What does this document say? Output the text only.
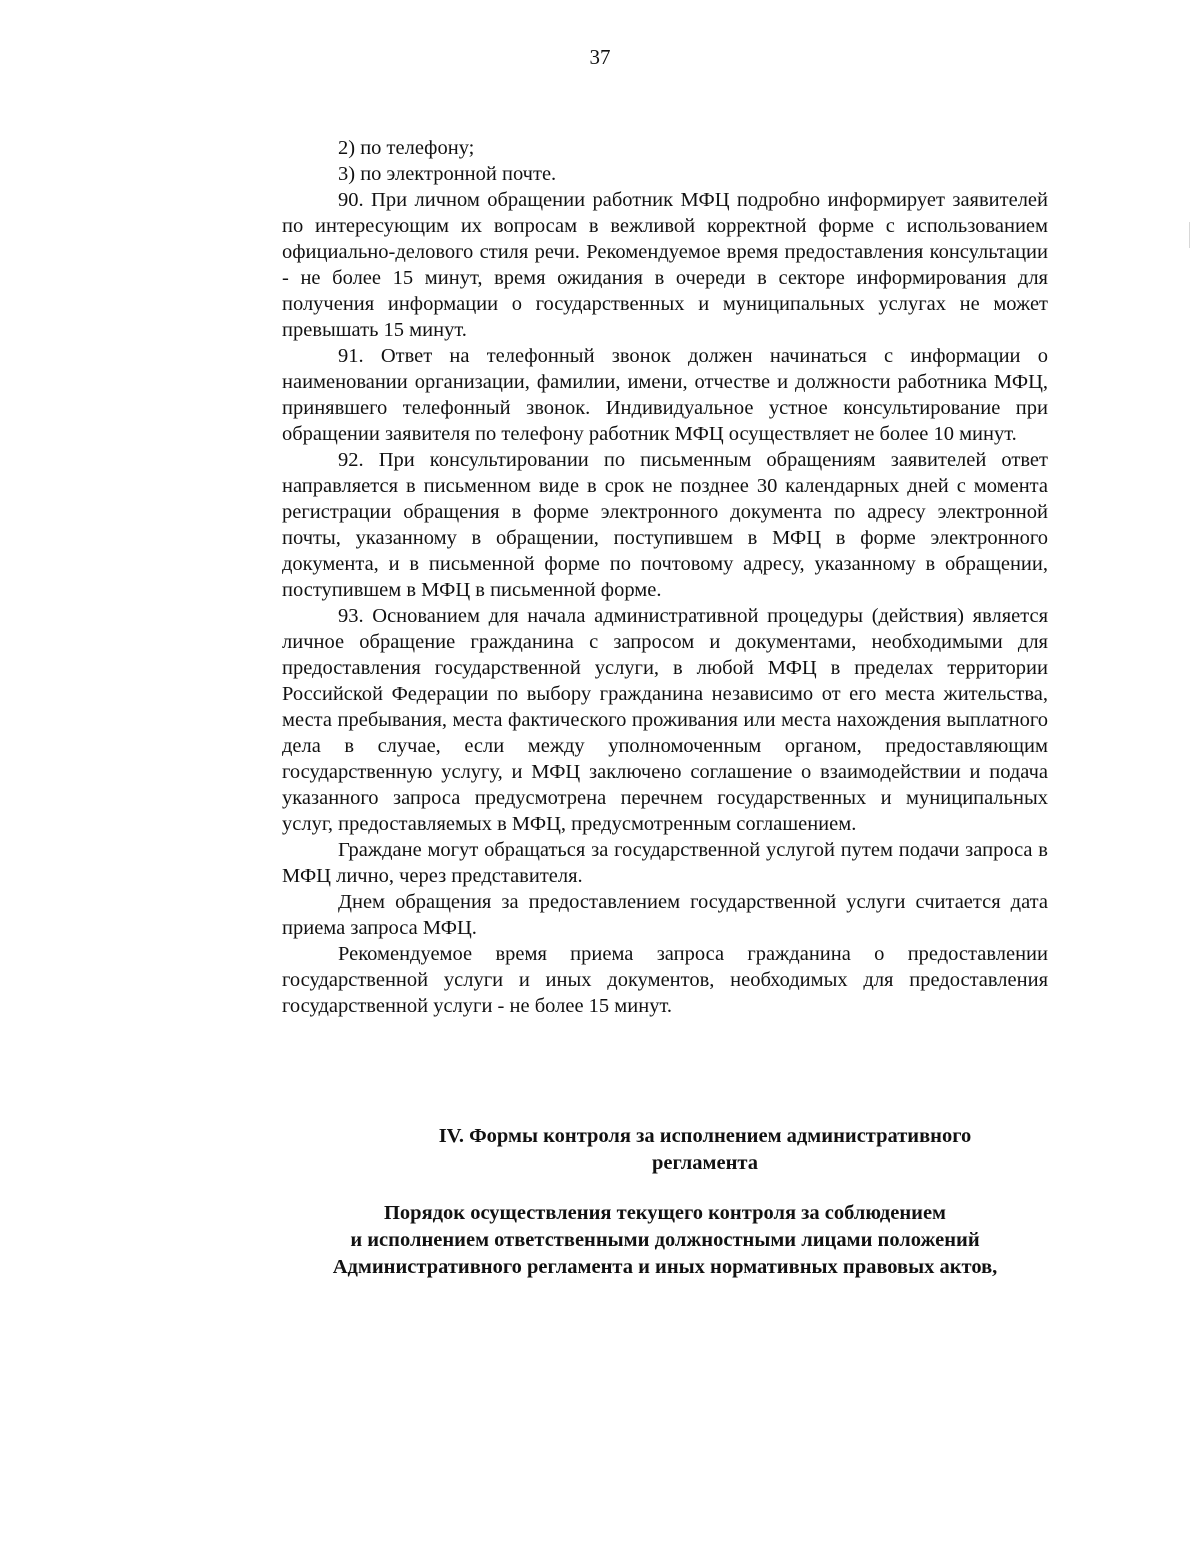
37

2) по телефону;

3) по электронной почте.

90. При личном обращении работник МФЦ подробно информирует заявителей по интересующим их вопросам в вежливой корректной форме с использованием официально-делового стиля речи. Рекомендуемое время предоставления консультации - не более 15 минут, время ожидания в очереди в секторе информирования для получения информации о государственных и муниципальных услугах не может превышать 15 минут.

91. Ответ на телефонный звонок должен начинаться с информации о наименовании организации, фамилии, имени, отчестве и должности работника МФЦ, принявшего телефонный звонок. Индивидуальное устное консультирование при обращении заявителя по телефону работник МФЦ осуществляет не более 10 минут.

92. При консультировании по письменным обращениям заявителей ответ направляется в письменном виде в срок не позднее 30 календарных дней с момента регистрации обращения в форме электронного документа по адресу электронной почты, указанному в обращении, поступившем в МФЦ в форме электронного документа, и в письменной форме по почтовому адресу, указанному в обращении, поступившем в МФЦ в письменной форме.

93. Основанием для начала административной процедуры (действия) является личное обращение гражданина с запросом и документами, необходимыми для предоставления государственной услуги, в любой МФЦ в пределах территории Российской Федерации по выбору гражданина независимо от его места жительства, места пребывания, места фактического проживания или места нахождения выплатного дела в случае, если между уполномоченным органом, предоставляющим государственную услугу, и МФЦ заключено соглашение о взаимодействии и подача указанного запроса предусмотрена перечнем государственных и муниципальных услуг, предоставляемых в МФЦ, предусмотренным соглашением.

Граждане могут обращаться за государственной услугой путем подачи запроса в МФЦ лично, через представителя.

Днем обращения за предоставлением государственной услуги считается дата приема запроса МФЦ.

Рекомендуемое время приема запроса гражданина о предоставлении государственной услуги и иных документов, необходимых для предоставления государственной услуги - не более 15 минут.

IV. Формы контроля за исполнением административного
регламента
Порядок осуществления текущего контроля за соблюдением
и исполнением ответственными должностными лицами положений
Административного регламента и иных нормативных правовых актов,
